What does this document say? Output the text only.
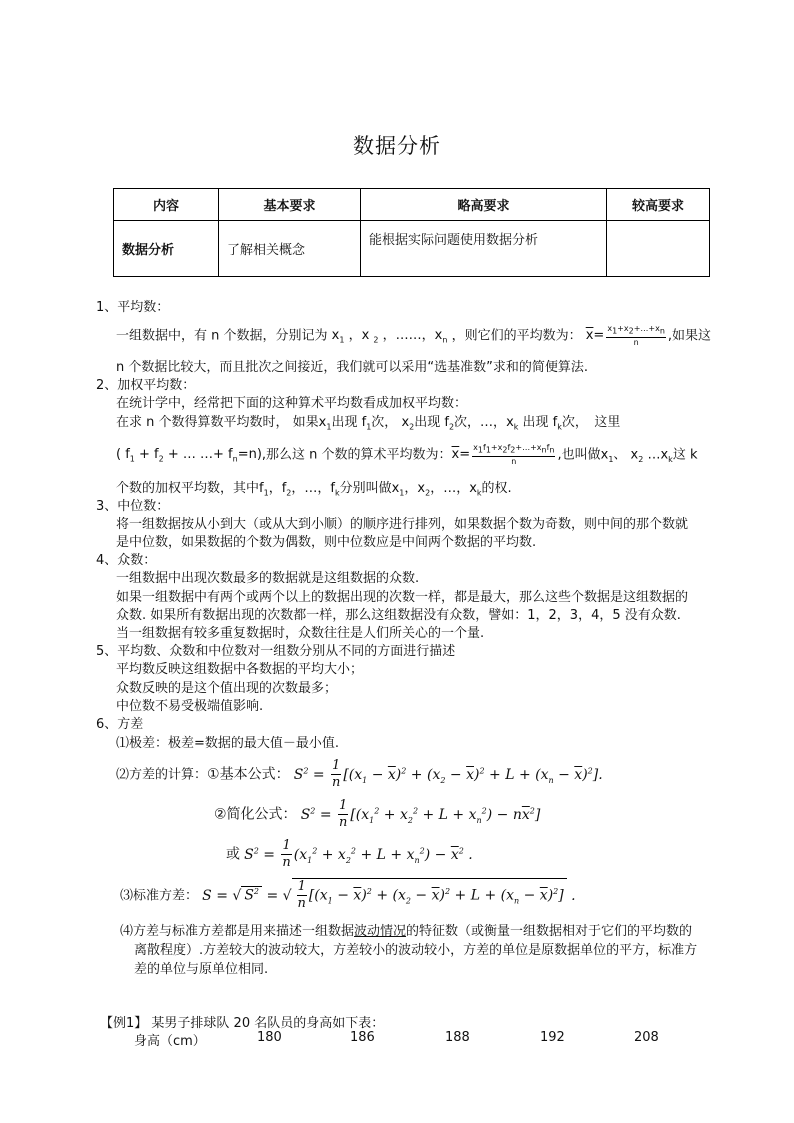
数据分析
内容	基本要求	略高要求	较高要求
数据分析	了解相关概念	能根据实际问题使用数据分析	
1、平均数：
一组数据中，有 n 个数据，分别记为 $x_1$ ，x $_2$ ，……，$x_n$ ，则它们的平均数为： $\overline{x}= \frac{x_1+x_2+\dots+x_n}{n}$ ,如果这
n 个数据比较大，而且批次之间接近，我们就可以采用“选基准数”求和的简便算法.
2、加权平均数：
在统计学中，经常把下面的这种算术平均数看成加权平均数：
在求 n 个数得算数平均数时， 如果$x_1$出现 $f_1$次， $x_2$出现 $f_2$次，…，$x_k$ 出现 $f_k$次，　 这里
( $f_1 + f_2$ + … …+ $f_n=n$),那么这 n 个数的算术平均数为：$\overline{x}= \frac{x_1f_1+x_2f_2+\dots+x_nf_n}{n}$ ,也叫做$x_1$、 $x_2$ $\dots x_k$这 k
个数的加权平均数，其中$f_1$，$f_2$，…，$f_k$分别叫做$x_1$，$x_2$，…，$x_k$的权.
3、中位数：
将一组数据按从小到大（或从大到小顺）的顺序进行排列，如果数据个数为奇数，则中间的那个数就
是中位数，如果数据的个数为偶数，则中位数应是中间两个数据的平均数.
4、众数：
一组数据中出现次数最多的数据就是这组数据的众数.
如果一组数据中有两个或两个以上的数据出现的次数一样，都是最大，那么这些个数据是这组数据的
众数. 如果所有数据出现的次数都一样，那么这组数据没有众数，譬如：1，2，3，4，5 没有众数.
当一组数据有较多重复数据时，众数往往是人们所关心的一个量.
5、平均数、众数和中位数对一组数分别从不同的方面进行描述
平均数反映这组数据中各数据的平均大小；
众数反映的是这个值出现的次数最多；
中位数不易受极端值影响.
6、方差
⑴极差：极差=数据的最大值－最小值.
⑵方差的计算：①基本公式： $S^2 = \frac{1}{n} [(x_1 - \overline{x})^2 + (x_2 - \overline{x})^2 + L + (x_n - \overline{x})^2]$.
②简化公式： $S^2 = \frac{1}{n} [(x_1^2 + x_2^2 + L + x_n^2) - n\overline{x}^2]$
或 $S^2 = \frac{1}{n} (x_1^2 + x_2^2 + L + x_n^2) - \overline{x}^2$ .
⑶标准方差： S = √ $S^2$ = √ $\frac{1}{n} [(x_1 - \overline{x})^2 + (x_2 - \overline{x})^2 + L + (x_n - \overline{x})^2]$ .
⑷方差与标准方差都是用来描述一组数据波动情况的特征数（或衡量一组数据相对于它们的平均数的
离散程度）.方差较大的波动较大，方差较小的波动较小，方差的单位是原数据单位的平方，标准方
差的单位与原单位相同.
【例1】 某男子排球队 20 名队员的身高如下表：
身高（cm）	180	186	188	192	208
